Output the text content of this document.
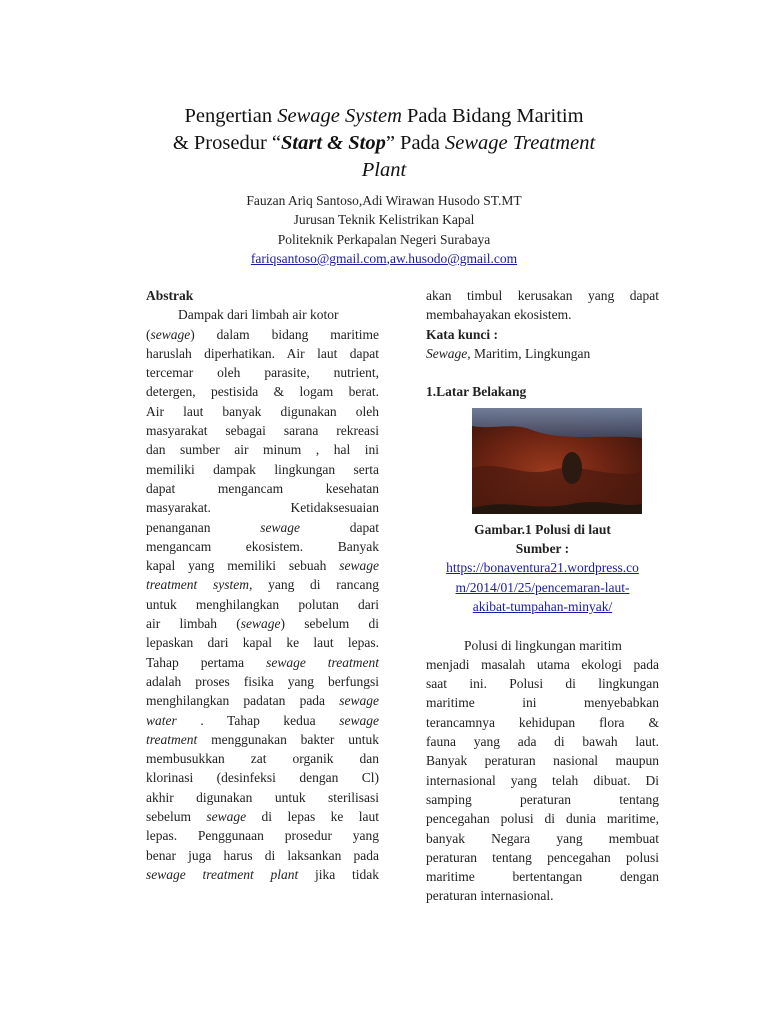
Pengertian Sewage System Pada Bidang Maritim
& Prosedur “Start & Stop” Pada Sewage Treatment
Plant
Fauzan Ariq Santoso,Adi Wirawan Husodo ST.MT
Jurusan Teknik Kelistrikan Kapal
Politeknik Perkapalan Negeri Surabaya
fariqsantoso@gmail.com,aw.husodo@gmail.com
Abstrak
Dampak dari limbah air kotor
(sewage) dalam bidang maritime
haruslah diperhatikan. Air laut dapat
tercemar oleh parasite, nutrient,
detergen, pestisida & logam berat.
Air laut banyak digunakan oleh
masyarakat sebagai sarana rekreasi
dan sumber air minum , hal ini
memiliki dampak lingkungan serta
dapat mengancam kesehatan
masyarakat. Ketidaksesuaian
penanganan sewage dapat
mengancam ekosistem. Banyak
kapal yang memiliki sebuah sewage
treatment system, yang di rancang
untuk menghilangkan polutan dari
air limbah (sewage) sebelum di
lepaskan dari kapal ke laut lepas.
Tahap pertama sewage treatment
adalah proses fisika yang berfungsi
menghilangkan padatan pada sewage
water . Tahap kedua sewage
treatment menggunakan bakter untuk
membusukkan zat organik dan
klorinasi (desinfeksi dengan Cl)
akhir digunakan untuk sterilisasi
sebelum sewage di lepas ke laut
lepas. Penggunaan prosedur yang
benar juga harus di laksankan pada
sewage treatment plant jika tidak
akan timbul kerusakan yang dapat
membahayakan ekosistem.
Kata kunci :
Sewage, Maritim, Lingkungan
1.Latar Belakang
Gambar.1 Polusi di laut
Sumber :
https://bonaventura21.wordpress.co
m/2014/01/25/pencemaran-laut-
akibat-tumpahan-minyak/
Polusi di lingkungan maritim
menjadi masalah utama ekologi pada
saat ini. Polusi di lingkungan
maritime ini menyebabkan
terancamnya kehidupan flora &
fauna yang ada di bawah laut.
Banyak peraturan nasional maupun
internasional yang telah dibuat. Di
samping peraturan tentang
pencegahan polusi di dunia maritime,
banyak Negara yang membuat
peraturan tentang pencegahan polusi
maritime bertentangan dengan
peraturan internasional.
